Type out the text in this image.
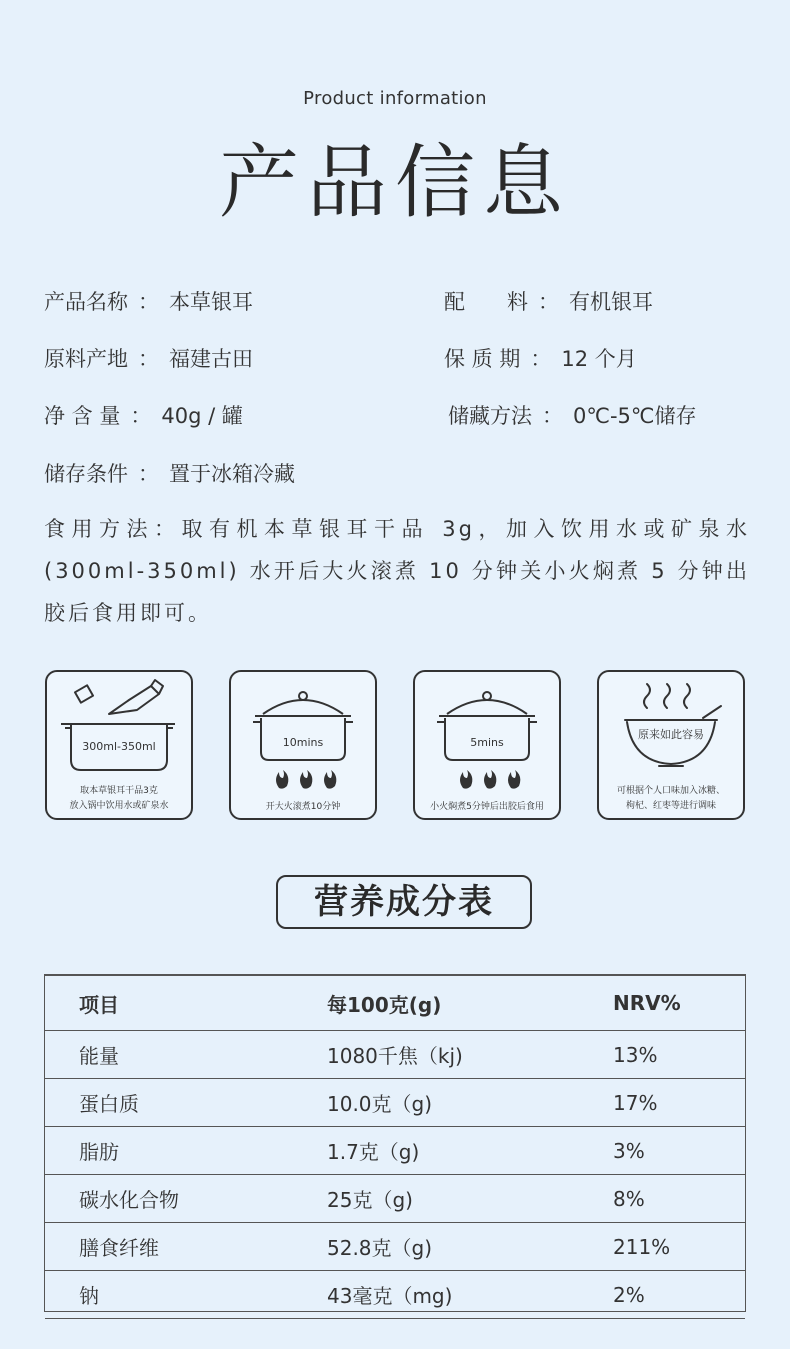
Product information
产品信息
产品名称 ： 本草银耳	配　　料 ： 有机银耳
原料产地 ： 福建古田	保 质 期 ： 12 个月
净 含 量 ： 40g / 罐	储藏方法 ： 0℃-5℃储存
储存条件 ： 置于冰箱冷藏
食用方法：取有机本草银耳干品 3g，加入饮用水或矿泉水(300ml-350ml) 水开后大火滚煮 10 分钟关小火焖煮 5 分钟出胶后食用即可。
300ml-350ml
取本草银耳干品3克
放入锅中饮用水或矿泉水
10mins
开大火滚煮10分钟
5mins
小火焖煮5分钟后出胶后食用
原来如此容易
可根据个人口味加入冰糖、
枸杞、红枣等进行调味
营养成分表
项目	每100克(g)	NRV%
能量	1080千焦（kj)	13%
蛋白质	10.0克（g)	17%
脂肪	1.7克（g)	3%
碳水化合物	25克（g)	8%
膳食纤维	52.8克（g)	211%
钠	43毫克（mg)	2%
